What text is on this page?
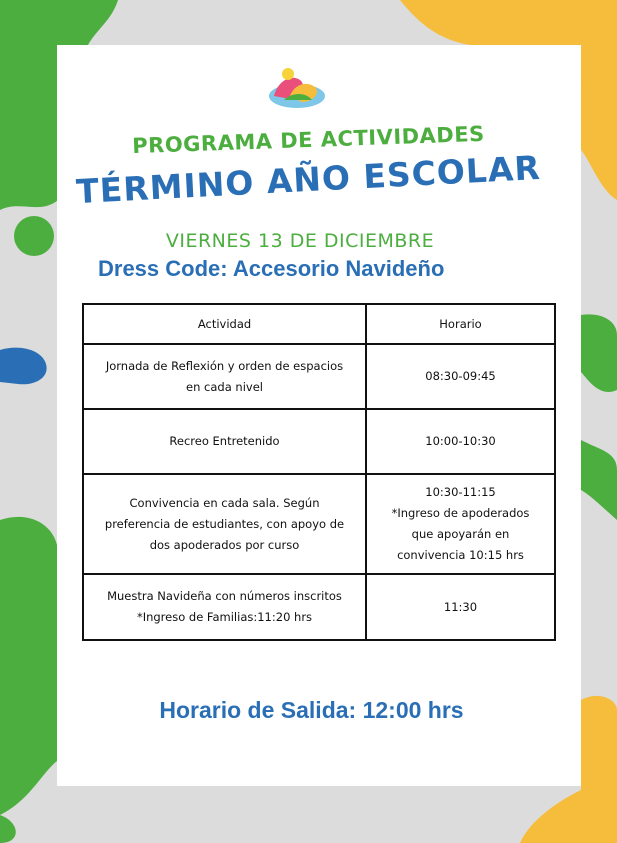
PROGRAMA DE ACTIVIDADES
TÉRMINO AÑO ESCOLAR
VIERNES 13 DE DICIEMBRE
Dress Code: Accesorio Navideño
Actividad	Horario
Jornada de Reflexión y orden de espacios
en cada nivel	08:30-09:45
Recreo Entretenido	10:00-10:30
Convivencia en cada sala. Según
preferencia de estudiantes, con apoyo de
dos apoderados por curso	10:30-11:15
*Ingreso de apoderados
que apoyarán en
convivencia 10:15 hrs
Muestra Navideña con números inscritos
*Ingreso de Familias:11:20 hrs	11:30
Horario de Salida: 12:00 hrs
